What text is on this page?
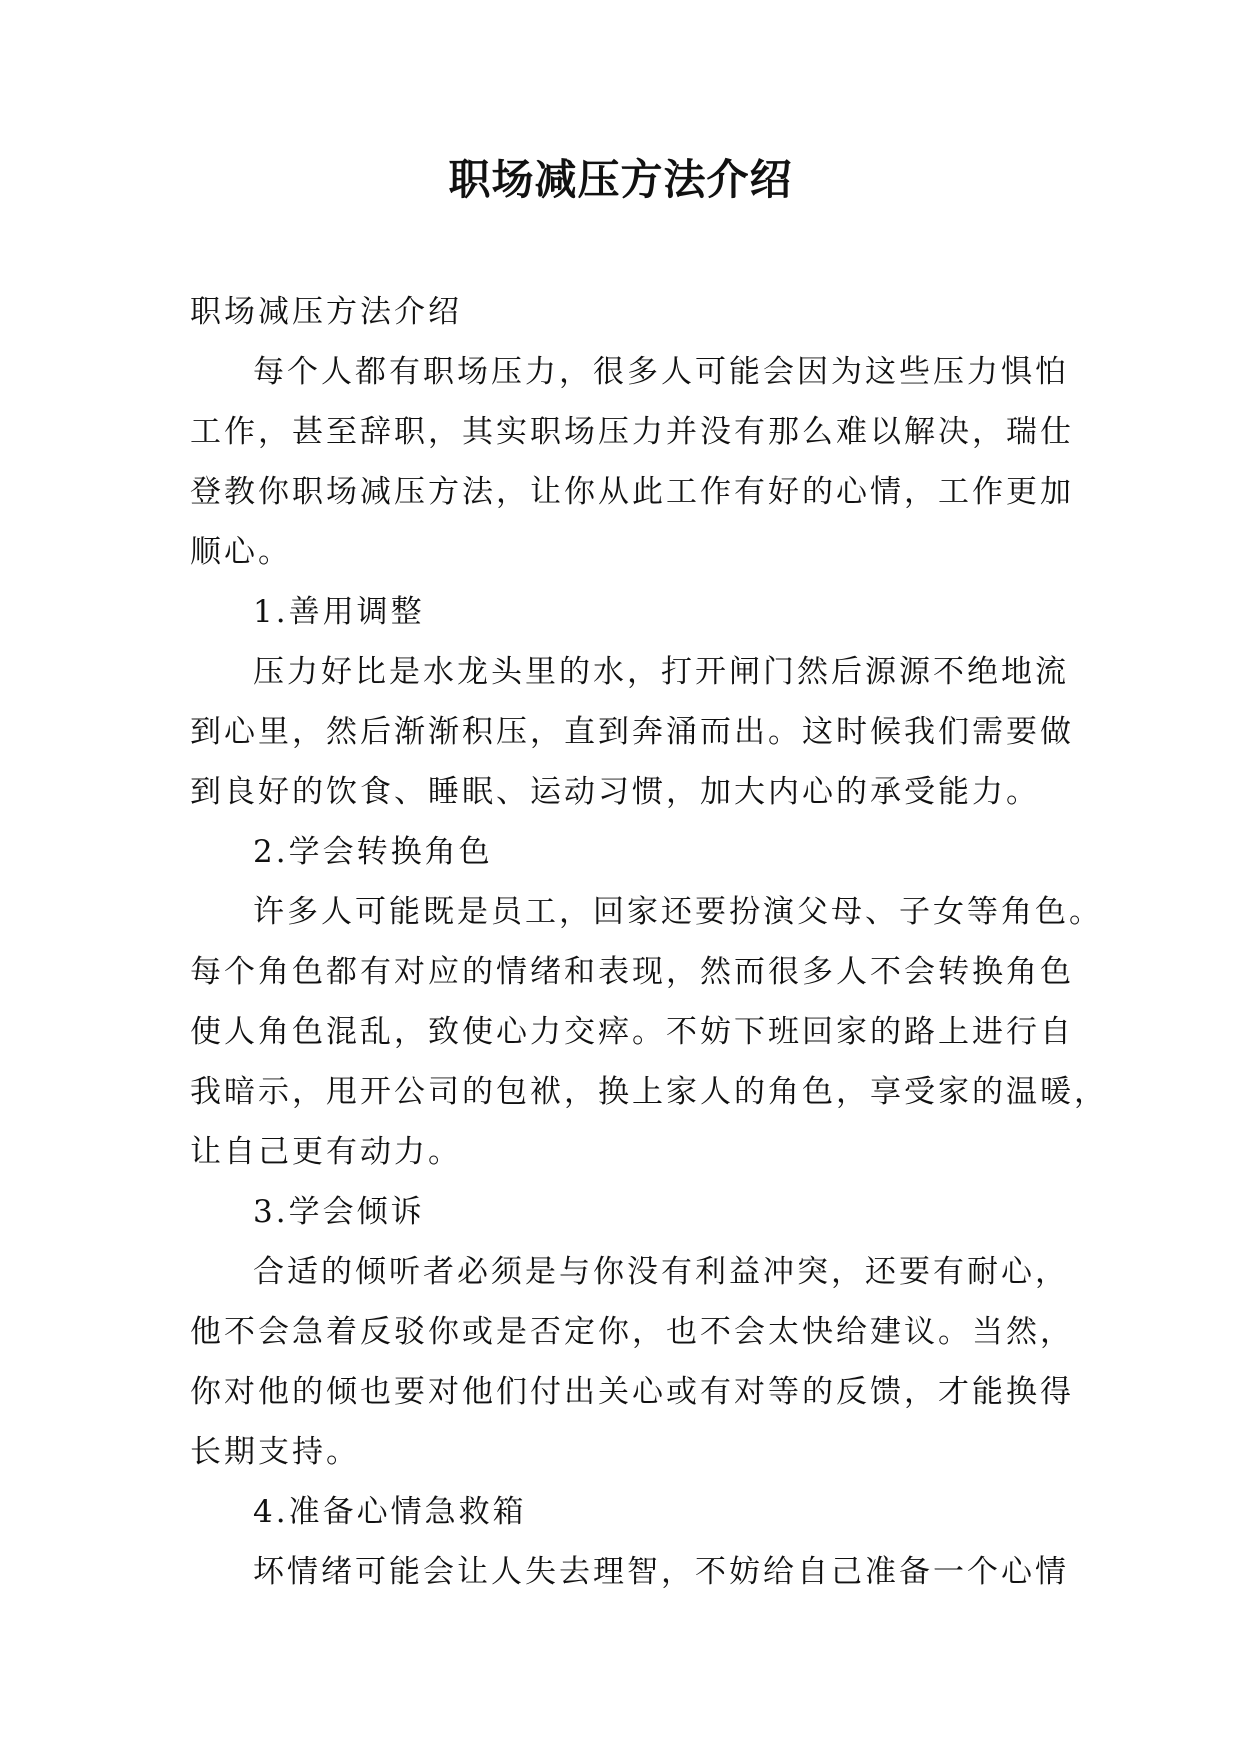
职场减压方法介绍
职场减压方法介绍
每个人都有职场压力，很多人可能会因为这些压力惧怕
工作，甚至辞职，其实职场压力并没有那么难以解决，瑞仕
登教你职场减压方法，让你从此工作有好的心情，工作更加
顺心。
1.善用调整
压力好比是水龙头里的水，打开闸门然后源源不绝地流
到心里，然后渐渐积压，直到奔涌而出。这时候我们需要做
到良好的饮食、睡眠、运动习惯，加大内心的承受能力。
2.学会转换角色
许多人可能既是员工，回家还要扮演父母、子女等角色。
每个角色都有对应的情绪和表现，然而很多人不会转换角色
使人角色混乱，致使心力交瘁。不妨下班回家的路上进行自
我暗示，甩开公司的包袱，换上家人的角色，享受家的温暖，
让自己更有动力。
3.学会倾诉
合适的倾听者必须是与你没有利益冲突，还要有耐心，
他不会急着反驳你或是否定你，也不会太快给建议。当然，
你对他的倾也要对他们付出关心或有对等的反馈，才能换得
长期支持。
4.准备心情急救箱
坏情绪可能会让人失去理智，不妨给自己准备一个心情
